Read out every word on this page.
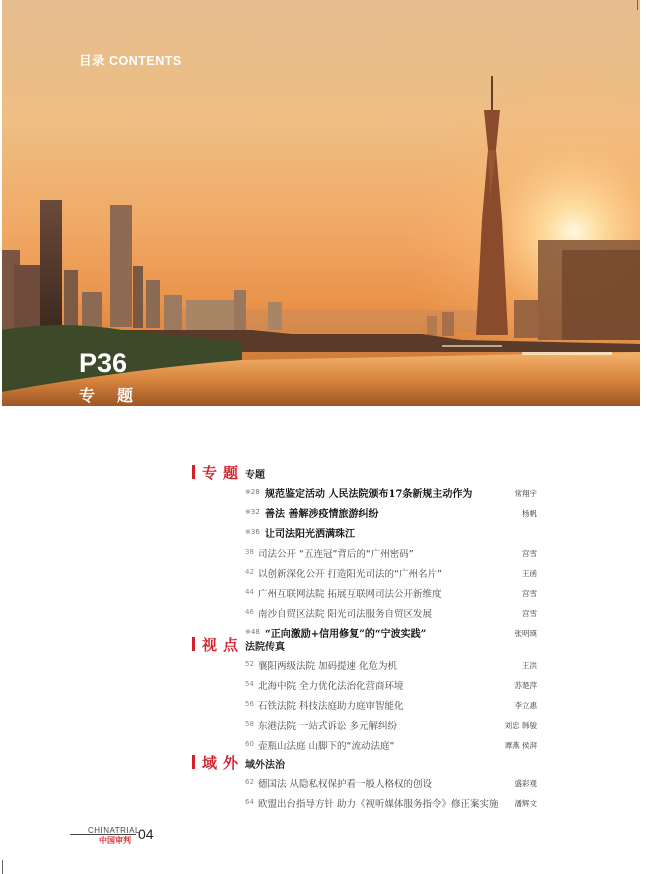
目录 CONTENTS
P36
专题
专题 专题
※28 规范鉴定活动 人民法院颁布17条新规主动作为	常翔宇
※32 善法 善解涉疫情旅游纠纷	杨帆
※36 让司法阳光洒满珠江
38 司法公开 “五连冠”背后的“广州密码”	宫雪
42 以创新深化公开 打造阳光司法的“广州名片”	王函
44 广州互联网法院 拓展互联网司法公开新维度	宫雪
46 南沙自贸区法院 阳光司法服务自贸区发展	宫雪
※48 “正向激励+信用修复”的“宁波实践”	张明瑛
视点 法院传真
52 襄阳两级法院 加码提速 化危为机	王洪
54 北海中院 全力优化法治化营商环境	苏楚萍
56 石铁法院 科技法庭助力庭审智能化	李立惠
58 东港法院 一站式诉讼 多元解纠纷	刘忠 韩骏
60 壶瓶山法庭 山脚下的“流动法庭”	谭燕 侯湃
域外 域外法治
62 德国法 从隐私权保护看一般人格权的创设	盛彩观
64 欧盟出台指导方针 助力《视听媒体服务指令》修正案实施 潘辉文
CHINATRIAL
中国审判 04
